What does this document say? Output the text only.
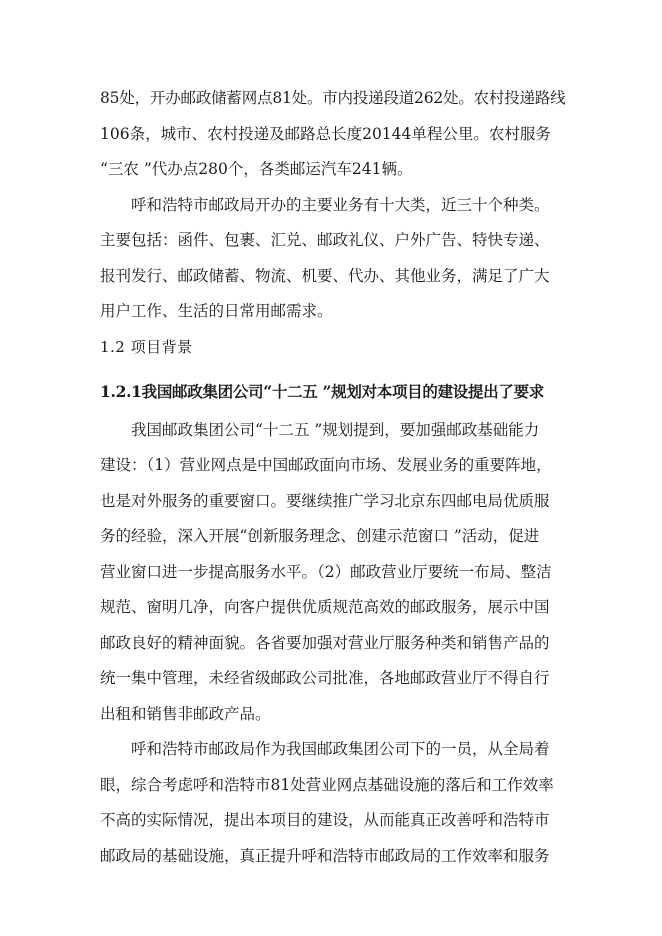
85处，开办邮政储蓄网点81处。市内投递段道262处。农村投递路线
106条，城市、农村投递及邮路总长度20144单程公里。农村服务
“三农 ”代办点280个，各类邮运汽车241辆。
呼和浩特市邮政局开办的主要业务有十大类，近三十个种类。
主要包括：函件、包裹、汇兑、邮政礼仪、户外广告、特快专递、
报刊发行、邮政储蓄、物流、机要、代办、其他业务，满足了广大
用户工作、生活的日常用邮需求。
1.2 项目背景
1.2.1我国邮政集团公司“十二五 ”规划对本项目的建设提出了要求
我国邮政集团公司“十二五 ”规划提到，要加强邮政基础能力
建设：（1）营业网点是中国邮政面向市场、发展业务的重要阵地，
也是对外服务的重要窗口。要继续推广学习北京东四邮电局优质服
务的经验，深入开展“创新服务理念、创建示范窗口 ”活动，促进
营业窗口进一步提高服务水平。（2）邮政营业厅要统一布局、整洁
规范、窗明几净，向客户提供优质规范高效的邮政服务，展示中国
邮政良好的精神面貌。各省要加强对营业厅服务种类和销售产品的
统一集中管理，未经省级邮政公司批准，各地邮政营业厅不得自行
出租和销售非邮政产品。
呼和浩特市邮政局作为我国邮政集团公司下的一员，从全局着
眼，综合考虑呼和浩特市81处营业网点基础设施的落后和工作效率
不高的实际情况，提出本项目的建设，从而能真正改善呼和浩特市
邮政局的基础设施，真正提升呼和浩特市邮政局的工作效率和服务
